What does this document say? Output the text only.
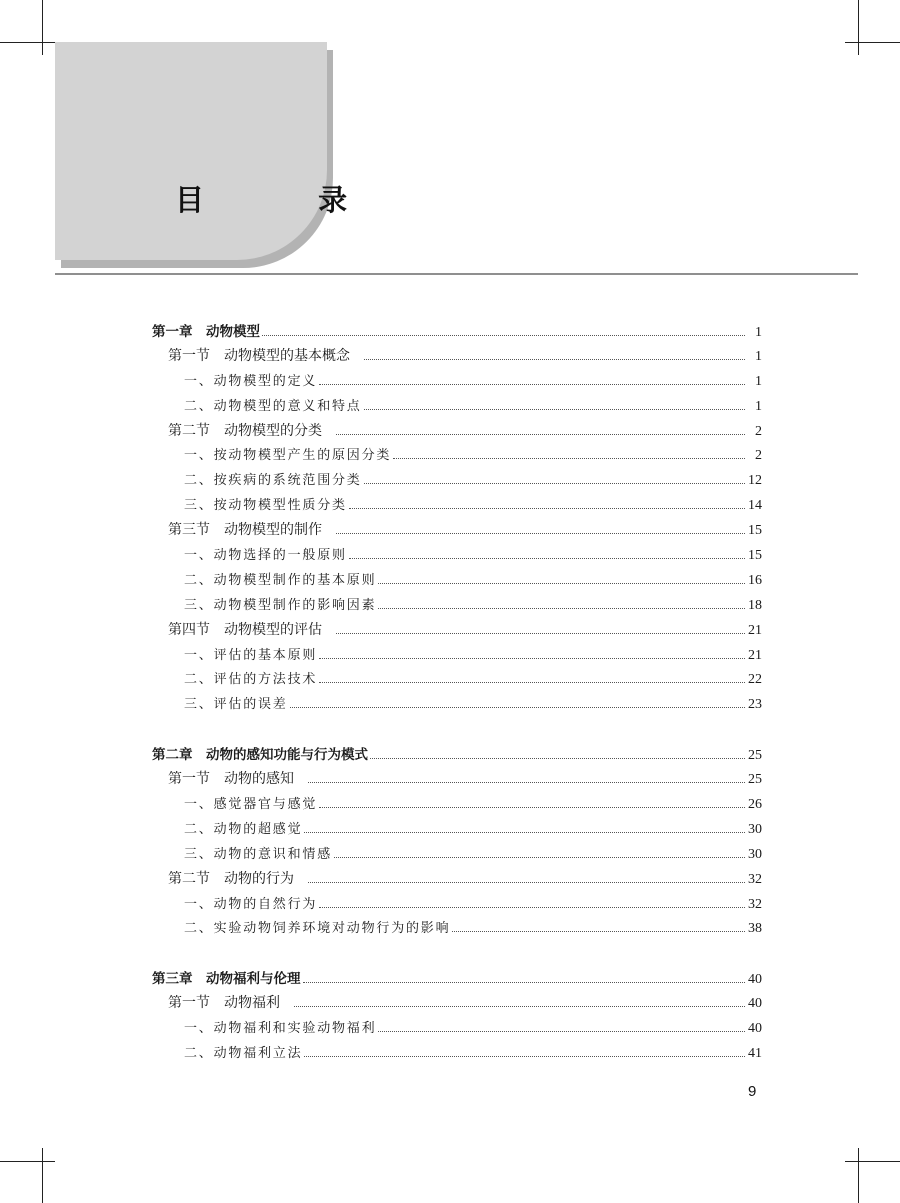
目 录
第一章　动物模型	1
第一节　动物模型的基本概念	1
一、动物模型的定义	1
二、动物模型的意义和特点	1
第二节　动物模型的分类	2
一、按动物模型产生的原因分类	2
二、按疾病的系统范围分类	12
三、按动物模型性质分类	14
第三节　动物模型的制作	15
一、动物选择的一般原则	15
二、动物模型制作的基本原则	16
三、动物模型制作的影响因素	18
第四节　动物模型的评估	21
一、评估的基本原则	21
二、评估的方法技术	22
三、评估的误差	23
第二章　动物的感知功能与行为模式	25
第一节　动物的感知	25
一、感觉器官与感觉	26
二、动物的超感觉	30
三、动物的意识和情感	30
第二节　动物的行为	32
一、动物的自然行为	32
二、实验动物饲养环境对动物行为的影响	38
第三章　动物福利与伦理	40
第一节　动物福利	40
一、动物福利和实验动物福利	40
二、动物福利立法	41
9
